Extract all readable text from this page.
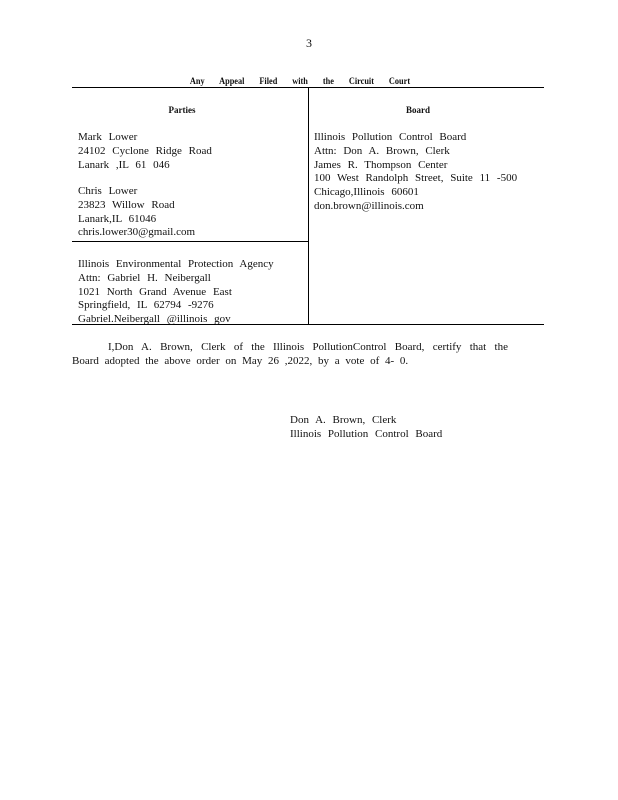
3
Any Appeal Filed with the Circuit Court
Parties	Board
Mark Lower
24102 Cyclone Ridge Road
Lanark ,IL 61 046
Chris Lower
23823 Willow Road
Lanark,IL 61046
chris.lower30@gmail.com
Illinois Environmental Protection Agency
Attn: Gabriel H. Neibergall
1021 North Grand Avenue East
Springfield, IL 62794 -9276
Gabriel.Neibergall @illinois gov
Illinois Pollution Control Board
Attn: Don A. Brown, Clerk
James R. Thompson Center
100 West Randolph Street, Suite 11 -500
Chicago,Illinois 60601
don.brown@illinois.com
I,Don A. Brown, Clerk of the Illinois PollutionControl Board, certify that the Board adopted the above order on May 26 ,2022, by a vote of 4- 0.
Don A. Brown, Clerk
Illinois Pollution Control Board
